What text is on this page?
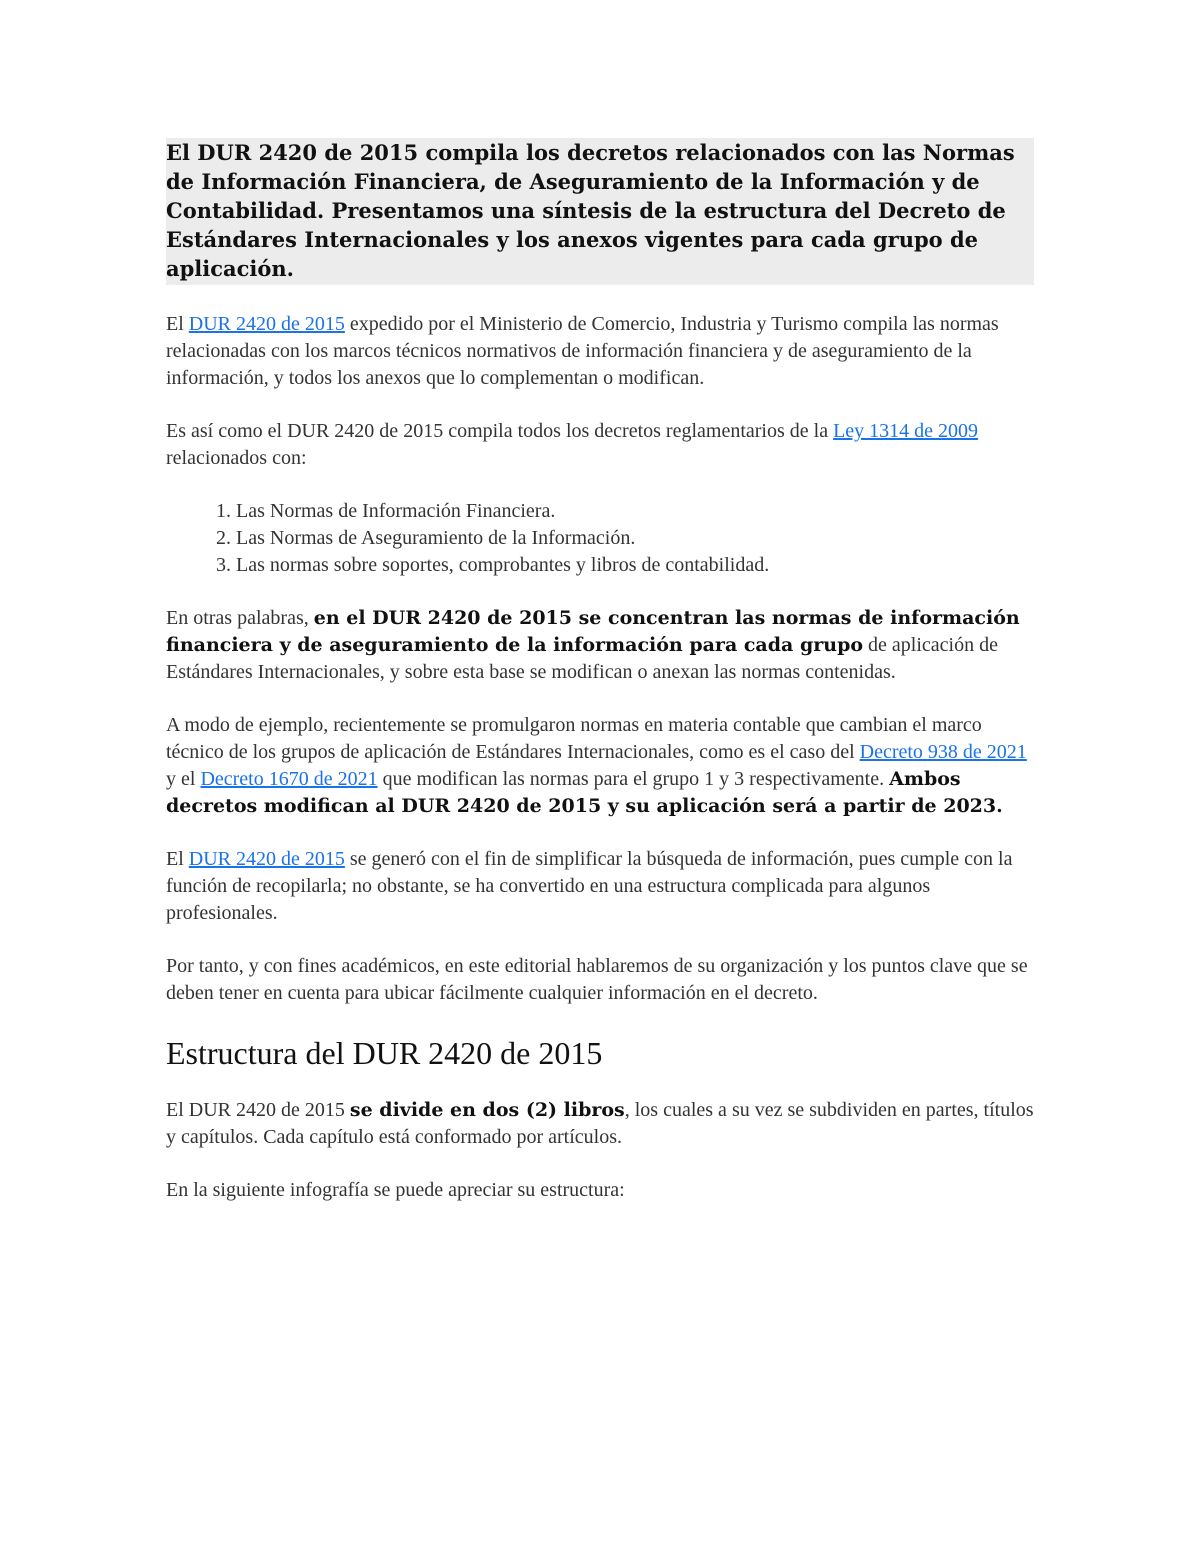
El DUR 2420 de 2015 compila los decretos relacionados con las Normas de Información Financiera, de Aseguramiento de la Información y de Contabilidad. Presentamos una síntesis de la estructura del Decreto de Estándares Internacionales y los anexos vigentes para cada grupo de aplicación.

El DUR 2420 de 2015 expedido por el Ministerio de Comercio, Industria y Turismo compila las normas relacionadas con los marcos técnicos normativos de información financiera y de aseguramiento de la información, y todos los anexos que lo complementan o modifican.

Es así como el DUR 2420 de 2015 compila todos los decretos reglamentarios de la Ley 1314 de 2009 relacionados con:

1. Las Normas de Información Financiera.
2. Las Normas de Aseguramiento de la Información.
3. Las normas sobre soportes, comprobantes y libros de contabilidad.

En otras palabras, en el DUR 2420 de 2015 se concentran las normas de información financiera y de aseguramiento de la información para cada grupo de aplicación de Estándares Internacionales, y sobre esta base se modifican o anexan las normas contenidas.

A modo de ejemplo, recientemente se promulgaron normas en materia contable que cambian el marco técnico de los grupos de aplicación de Estándares Internacionales, como es el caso del Decreto 938 de 2021 y el Decreto 1670 de 2021 que modifican las normas para el grupo 1 y 3 respectivamente. Ambos decretos modifican al DUR 2420 de 2015 y su aplicación será a partir de 2023.

El DUR 2420 de 2015 se generó con el fin de simplificar la búsqueda de información, pues cumple con la función de recopilarla; no obstante, se ha convertido en una estructura complicada para algunos profesionales.

Por tanto, y con fines académicos, en este editorial hablaremos de su organización y los puntos clave que se deben tener en cuenta para ubicar fácilmente cualquier información en el decreto.

Estructura del DUR 2420 de 2015

El DUR 2420 de 2015 se divide en dos (2) libros, los cuales a su vez se subdividen en partes, títulos y capítulos. Cada capítulo está conformado por artículos.

En la siguiente infografía se puede apreciar su estructura:
